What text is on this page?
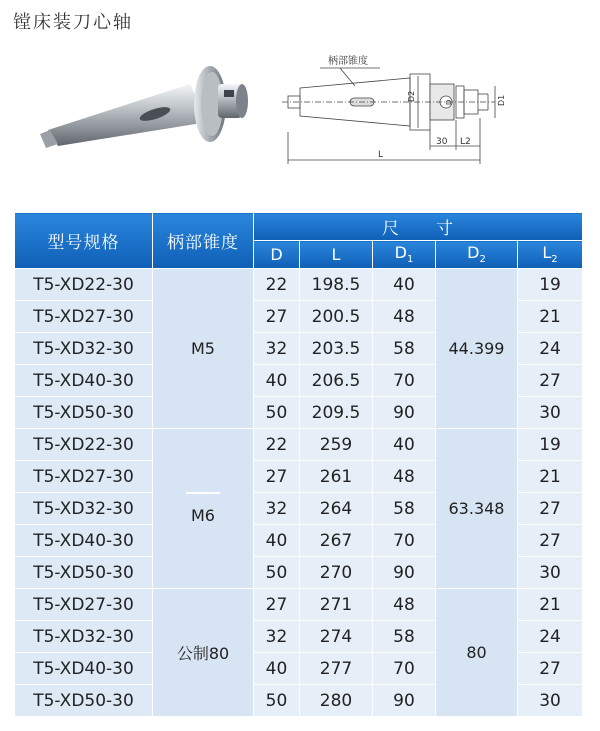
镗床装刀心轴
柄部锥度
D2	D1
D
30 L2
L
型号规格	柄部锥度	尺　　寸				
		D	L	$D_1$	$D_2$	$L_2$
T5-XD22-30	M5	22	198.5	40	44.399	19
T5-XD27-30		27	200.5	48		21
T5-XD32-30		32	203.5	58		24
T5-XD40-30		40	206.5	70		27
T5-XD50-30		50	209.5	90		30
T5-XD22-30	M6	22	259	40	63.348	19
T5-XD27-30		27	261	48		21
T5-XD32-30		32	264	58		27
T5-XD40-30		40	267	70		27
T5-XD50-30		50	270	90		30
T5-XD27-30	公制80	27	271	48	80	21
T5-XD32-30		32	274	58		24
T5-XD40-30		40	277	70		27
T5-XD50-30		50	280	90		30
